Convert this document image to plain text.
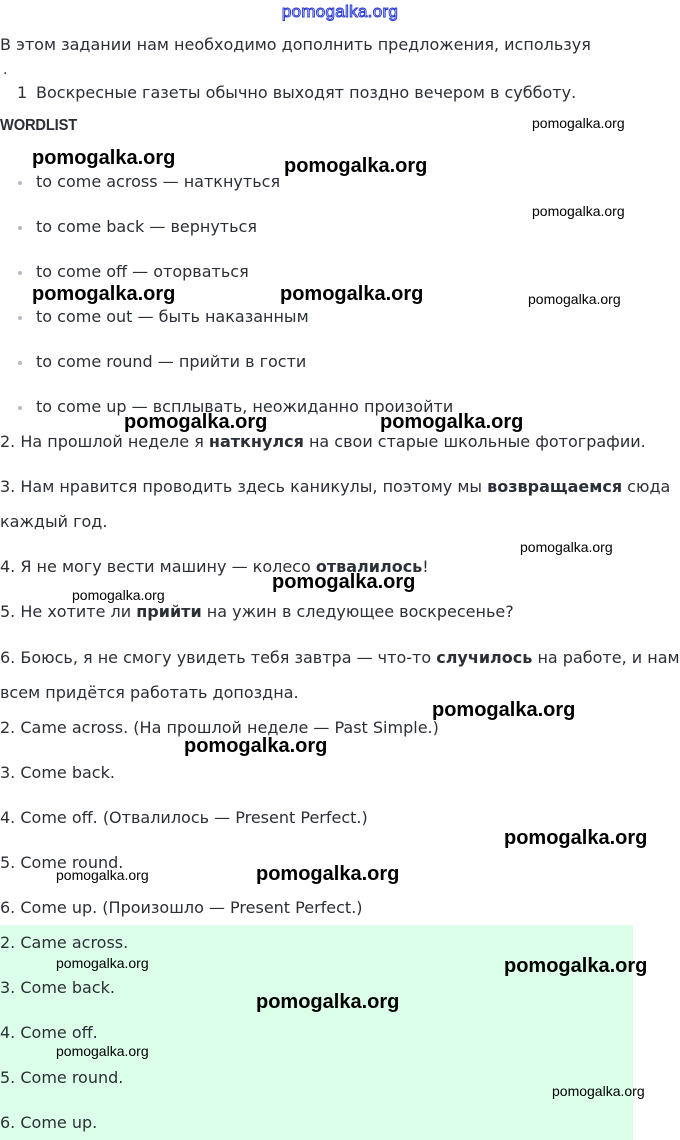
pomogalka.org
В этом задании нам необходимо дополнить предложения, используя
.
1 Воскресные газеты обычно выходят поздно вечером в субботу.
WORDLIST
to come across — наткнуться
to come back — вернуться
to come off — оторваться
to come out — быть наказанным
to come round — прийти в гости
to come up — всплывать, неожиданно произойти
2. На прошлой неделе я наткнулся на свои старые школьные фотографии.
3. Нам нравится проводить здесь каникулы, поэтому мы возвращаемся сюда
каждый год.
4. Я не могу вести машину — колесо отвалилось!
5. Не хотите ли прийти на ужин в следующее воскресенье?
6. Боюсь, я не смогу увидеть тебя завтра — что-то случилось на работе, и нам
всем придётся работать допоздна.
2. Came across. (На прошлой неделе — Past Simple.)
3. Come back.
4. Come off. (Отвалилось — Present Perfect.)
5. Come round.
6. Come up. (Произошло — Present Perfect.)
2. Came across.
3. Come back.
4. Come off.
5. Come round.
6. Come up.
pomogalka.org
pomogalka.org	pomogalka.org
pomogalka.org
pomogalka.org	pomogalka.org	pomogalka.org
pomogalka.org	pomogalka.org
pomogalka.org
pomogalka.org
pomogalka.org
pomogalka.org
pomogalka.org
pomogalka.org
pomogalka.org	pomogalka.org
pomogalka.org	pomogalka.org
pomogalka.org
pomogalka.org
pomogalka.org
